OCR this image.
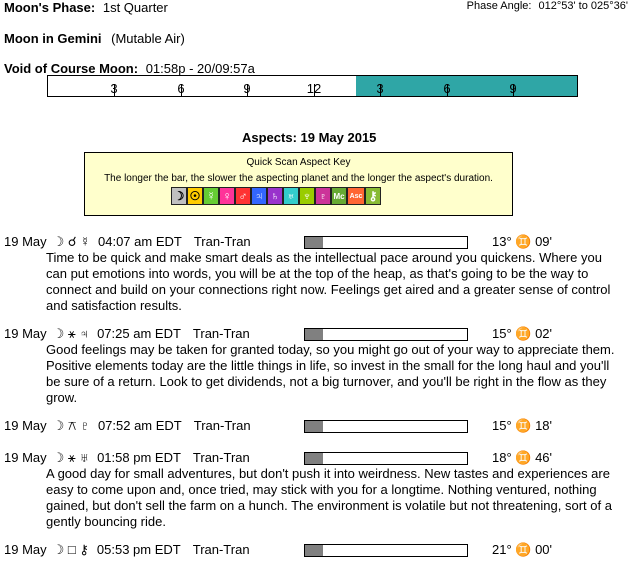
Moon's Phase: 1st Quarter	Phase Angle: 012°53' to 025°36'
Moon in Gemini (Mutable Air)
Void of Course Moon: 01:58p - 20/09:57a
3	6	9	12	3	6	9
Aspects: 19 May 2015
Quick Scan Aspect Key
The longer the bar, the slower the aspecting planet and the longer the aspect's duration.
☽ ☉ ☿ ♀ ♂ ♃ ♄ ♅ ♆ ♇ Mc Asc ⚷
19 May ☽ ☌ ☿ 04:07 am EDT Tran-Tran	13° ♊ 09'
Time to be quick and make smart deals as the intellectual pace around you quickens. Where you can put emotions into words, you will be at the top of the heap, as that's going to be the way to connect and build on your connections right now. Feelings get aired and a greater sense of control and satisfaction results.
19 May ☽ ⚹ ♃ 07:25 am EDT Tran-Tran	15° ♊ 02'
Good feelings may be taken for granted today, so you might go out of your way to appreciate them. Positive elements today are the little things in life, so invest in the small for the long haul and you'll be sure of a return. Look to get dividends, not a big turnover, and you'll be right in the flow as they grow.
19 May ☽ ⚻ ♇ 07:52 am EDT Tran-Tran	15° ♊ 18'
19 May ☽ ⚹ ♅ 01:58 pm EDT Tran-Tran	18° ♊ 46'
A good day for small adventures, but don't push it into weirdness. New tastes and experiences are easy to come upon and, once tried, may stick with you for a longtime. Nothing ventured, nothing gained, but don't sell the farm on a hunch. The environment is volatile but not threatening, sort of a gently bouncing ride.
19 May ☽ □ ⚷ 05:53 pm EDT Tran-Tran	21° ♊ 00'
